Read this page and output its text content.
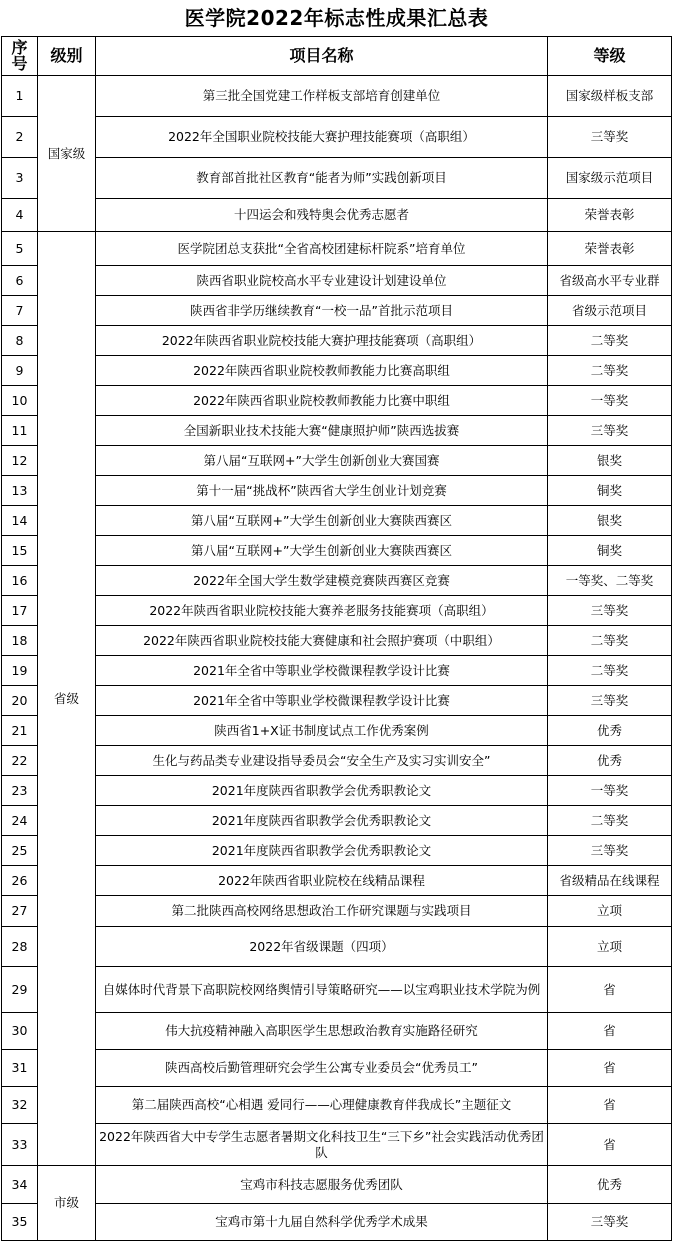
医学院2022年标志性成果汇总表
序号	级别	项目名称	等级
1	国家级	第三批全国党建工作样板支部培育创建单位	国家级样板支部
2		2022年全国职业院校技能大赛护理技能赛项（高职组）	三等奖
3		教育部首批社区教育“能者为师”实践创新项目	国家级示范项目
4		十四运会和残特奥会优秀志愿者	荣誉表彰
5	省级	医学院团总支获批“全省高校团建标杆院系”培育单位	荣誉表彰
6		陕西省职业院校高水平专业建设计划建设单位	省级高水平专业群
7		陕西省非学历继续教育“一校一品”首批示范项目	省级示范项目
8		2022年陕西省职业院校技能大赛护理技能赛项（高职组）	二等奖
9		2022年陕西省职业院校教师教能力比赛高职组	二等奖
10		2022年陕西省职业院校教师教能力比赛中职组	一等奖
11		全国新职业技术技能大赛“健康照护师”陕西选拔赛	三等奖
12		第八届“互联网+”大学生创新创业大赛国赛	银奖
13		第十一届“挑战杯”陕西省大学生创业计划竞赛	铜奖
14		第八届“互联网+”大学生创新创业大赛陕西赛区	银奖
15		第八届“互联网+”大学生创新创业大赛陕西赛区	铜奖
16		2022年全国大学生数学建模竞赛陕西赛区竞赛	一等奖、二等奖
17		2022年陕西省职业院校技能大赛养老服务技能赛项（高职组）	三等奖
18		2022年陕西省职业院校技能大赛健康和社会照护赛项（中职组）	二等奖
19		2021年全省中等职业学校微课程教学设计比赛	二等奖
20		2021年全省中等职业学校微课程教学设计比赛	三等奖
21		陕西省1+X证书制度试点工作优秀案例	优秀
22		生化与药品类专业建设指导委员会“安全生产及实习实训安全”	优秀
23		2021年度陕西省职教学会优秀职教论文	一等奖
24		2021年度陕西省职教学会优秀职教论文	二等奖
25		2021年度陕西省职教学会优秀职教论文	三等奖
26		2022年陕西省职业院校在线精品课程	省级精品在线课程
27		第二批陕西高校网络思想政治工作研究课题与实践项目	立项
28		2022年省级课题（四项）	立项
29		自媒体时代背景下高职院校网络舆情引导策略研究——以宝鸡职业技术学院为例	省
30		伟大抗疫精神融入高职医学生思想政治教育实施路径研究	省
31		陕西高校后勤管理研究会学生公寓专业委员会“优秀员工”	省
32		第二届陕西高校“心相遇 爱同行——心理健康教育伴我成长”主题征文	省
33		2022年陕西省大中专学生志愿者暑期文化科技卫生“三下乡”社会实践活动优秀团队	省
34	市级	宝鸡市科技志愿服务优秀团队	优秀
35		宝鸡市第十九届自然科学优秀学术成果	三等奖
